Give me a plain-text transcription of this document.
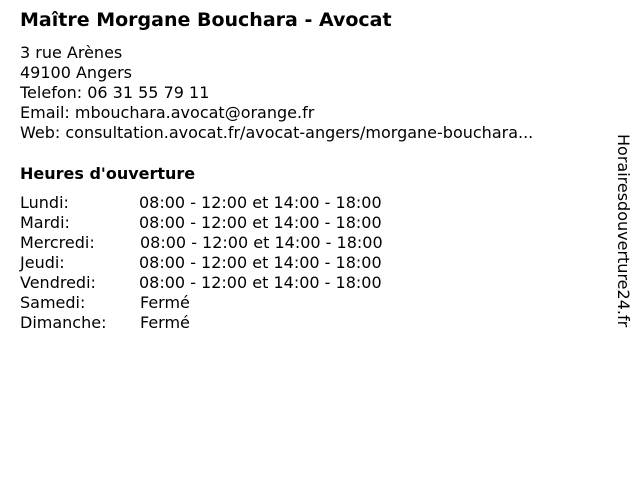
Maître Morgane Bouchara - Avocat
3 rue Arènes
49100 Angers
Telefon: 06 31 55 79 11
Email: mbouchara.avocat@orange.fr
Web: consultation.avocat.fr/avocat-angers/morgane-bouchara...
Heures d'ouverture
Lundi:	08:00 - 12:00 et 14:00 - 18:00
Mardi:	08:00 - 12:00 et 14:00 - 18:00
Mercredi:	08:00 - 12:00 et 14:00 - 18:00
Jeudi:	08:00 - 12:00 et 14:00 - 18:00
Vendredi:	08:00 - 12:00 et 14:00 - 18:00
Samedi:	Fermé
Dimanche: Fermé	Horairesdouverture24.fr
